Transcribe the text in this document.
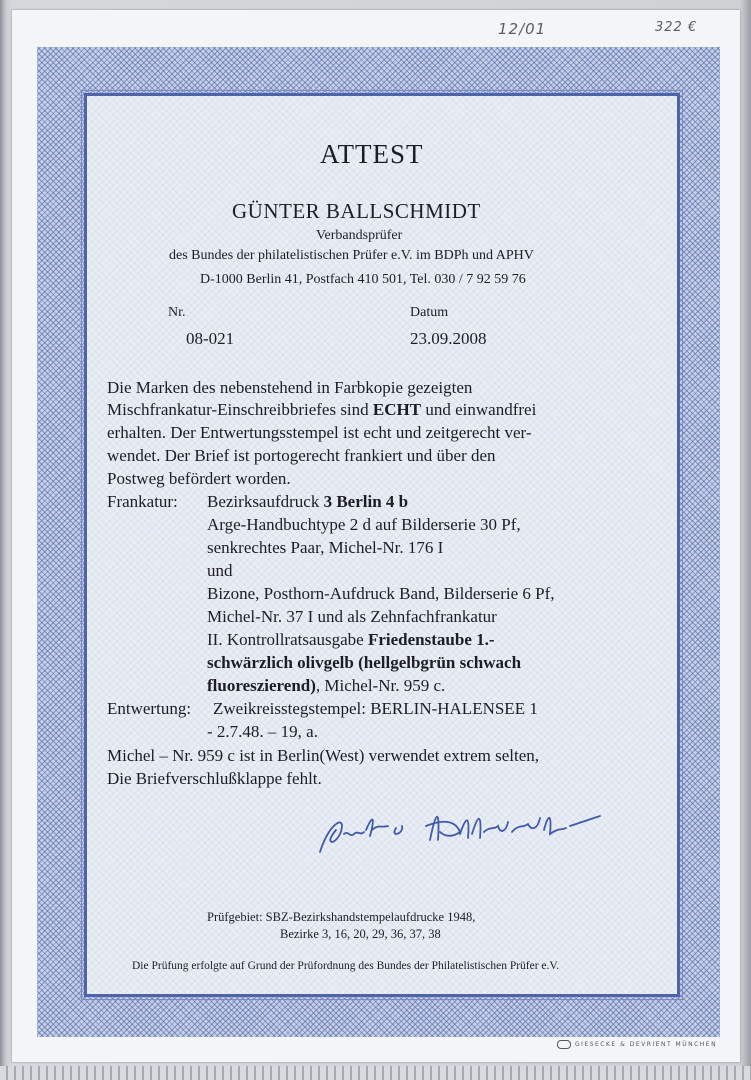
12/01	322 €
ATTEST
GÜNTER BALLSCHMIDT
Verbandsprüfer
des Bundes der philatelistischen Prüfer e.V. im BDPh und APHV
D-1000 Berlin 41, Postfach 410 501, Tel. 030 / 7 92 59 76
Nr.	Datum
08-021	23.09.2008
Die Marken des nebenstehend in Farbkopie gezeigten
Mischfrankatur-Einschreibbriefes sind ECHT und einwandfrei
erhalten. Der Entwertungsstempel ist echt und zeitgerecht ver-
wendet. Der Brief ist portogerecht frankiert und über den
Postweg befördert worden.
Frankatur: Bezirksaufdruck 3 Berlin 4 b
Arge-Handbuchtype 2 d auf Bilderserie 30 Pf,
senkrechtes Paar, Michel-Nr. 176 I
und
Bizone, Posthorn-Aufdruck Band, Bilderserie 6 Pf,
Michel-Nr. 37 I und als Zehnfachfrankatur
II. Kontrollratsausgabe Friedenstaube 1.-
schwärzlich olivgelb (hellgelbgrün schwach
fluoreszierend), Michel-Nr. 959 c.
Entwertung: Zweikreisstegstempel: BERLIN-HALENSEE 1
- 2.7.48. – 19, a.
Michel – Nr. 959 c ist in Berlin(West) verwendet extrem selten,
Die Briefverschlußklappe fehlt.
Prüfgebiet: SBZ-Bezirkshandstempelaufdrucke 1948,
Bezirke 3, 16, 20, 29, 36, 37, 38
Die Prüfung erfolgte auf Grund der Prüfordnung des Bundes der Philatelistischen Prüfer e.V.
GIESECKE & DEVRIENT MÜNCHEN
